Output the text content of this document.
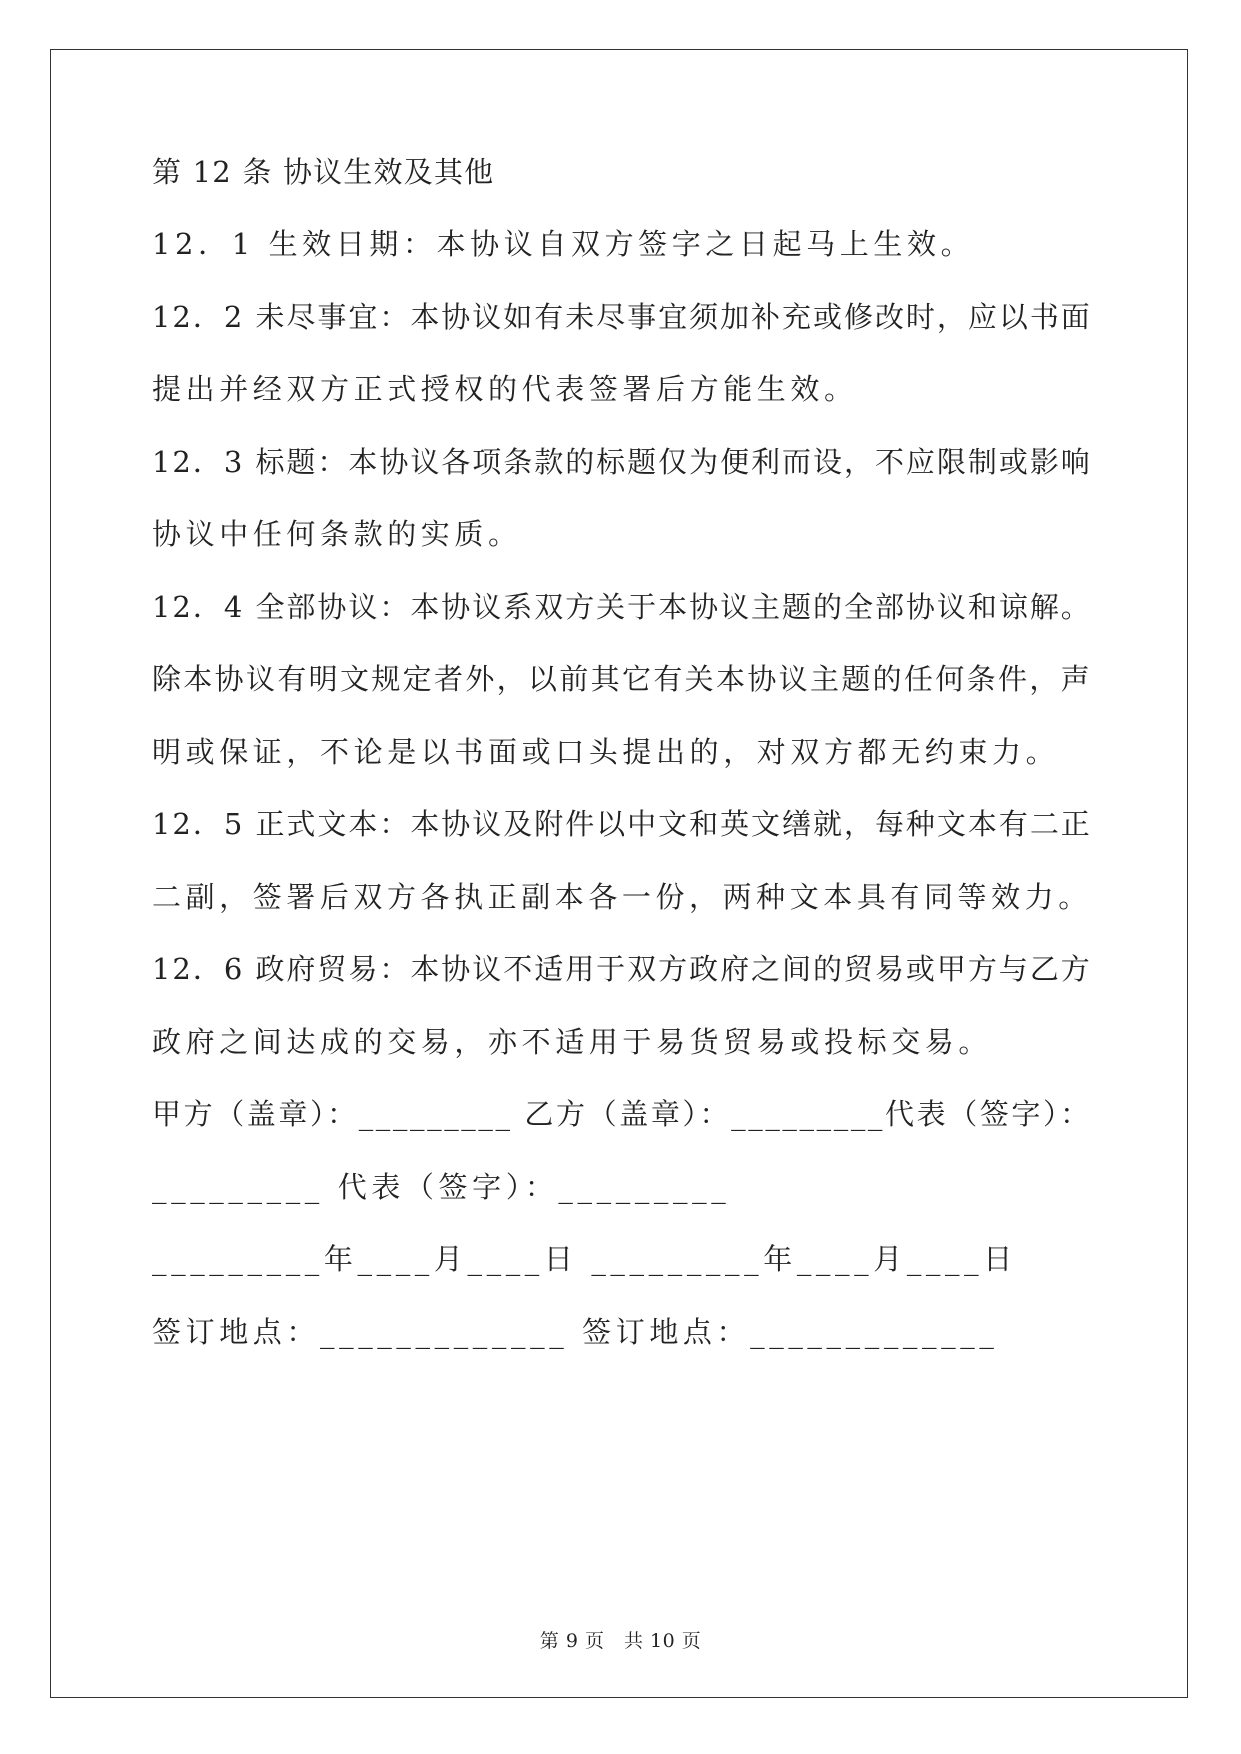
第 12 条 协议生效及其他
12．1 生效日期：本协议自双方签字之日起马上生效。
12．2 未尽事宜：本协议如有未尽事宜须加补充或修改时，应以书面
提出并经双方正式授权的代表签署后方能生效。
12．3 标题：本协议各项条款的标题仅为便利而设，不应限制或影响
协议中任何条款的实质。
12．4 全部协议：本协议系双方关于本协议主题的全部协议和谅解。
除本协议有明文规定者外，以前其它有关本协议主题的任何条件，声
明或保证，不论是以书面或口头提出的，对双方都无约束力。
12．5 正式文本：本协议及附件以中文和英文缮就，每种文本有二正
二副，签署后双方各执正副本各一份，两种文本具有同等效力。
12．6 政府贸易：本协议不适用于双方政府之间的贸易或甲方与乙方
政府之间达成的交易，亦不适用于易货贸易或投标交易。
甲方（盖章）：_________ 乙方（盖章）：_________代表（签字）：
_________ 代表（签字）：_________
_________年____月____日 _________年____月____日
签订地点：_____________ 签订地点：_____________
第 9 页　共 10 页
